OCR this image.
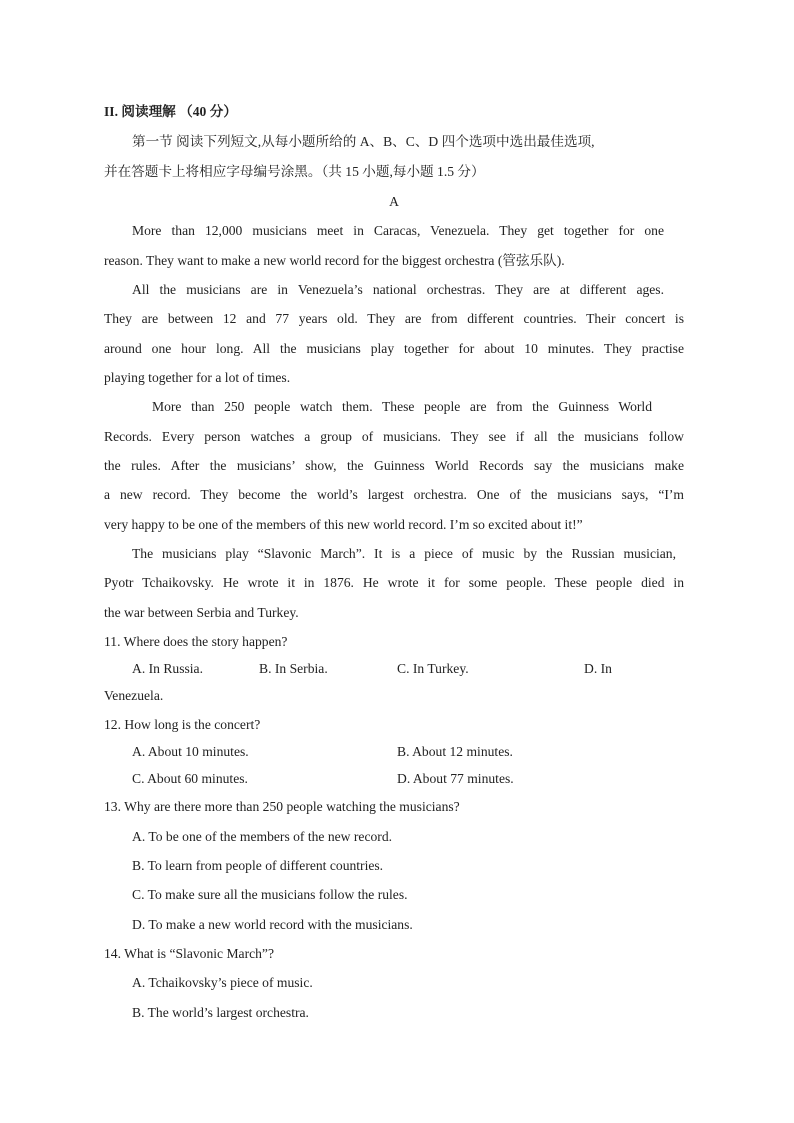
II. 阅读理解 （40 分）
第一节 阅读下列短文,从每小题所给的 A、B、C、D 四个选项中选出最佳选项,
并在答题卡上将相应字母编号涂黑。（共 15 小题,每小题 1.5 分）
A
More than 12,000 musicians meet in Caracas, Venezuela. They get together for one
reason. They want to make a new world record for the biggest orchestra (管弦乐队).
All the musicians are in Venezuela’s national orchestras. They are at different ages.
They are between 12 and 77 years old. They are from different countries. Their concert is
around one hour long. All the musicians play together for about 10 minutes. They practise
playing together for a lot of times.
More than 250 people watch them. These people are from the Guinness World
Records. Every person watches a group of musicians. They see if all the musicians follow
the rules. After the musicians’ show, the Guinness World Records say the musicians make
a new record. They become the world’s largest orchestra. One of the musicians says, “I’m
very happy to be one of the members of this new world record. I’m so excited about it!”
The musicians play “Slavonic March”. It is a piece of music by the Russian musician,
Pyotr Tchaikovsky. He wrote it in 1876. He wrote it for some people. These people died in
the war between Serbia and Turkey.
11. Where does the story happen?
A. In Russia.	B. In Serbia.	C. In Turkey.	D. In
Venezuela.
12. How long is the concert?
A. About 10 minutes.	B. About 12 minutes.
C. About 60 minutes.	D. About 77 minutes.
13. Why are there more than 250 people watching the musicians?
A. To be one of the members of the new record.
B. To learn from people of different countries.
C. To make sure all the musicians follow the rules.
D. To make a new world record with the musicians.
14. What is “Slavonic March”?
A. Tchaikovsky’s piece of music.
B. The world’s largest orchestra.
